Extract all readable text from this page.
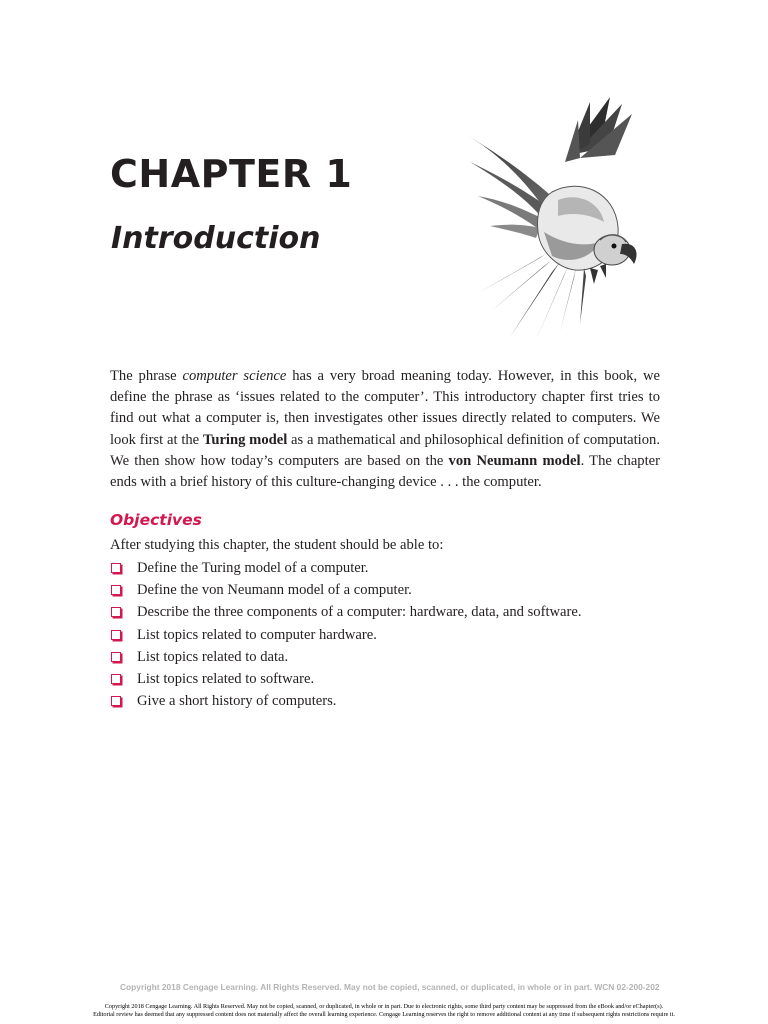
CHAPTER 1
Introduction

The phrase computer science has a very broad meaning today. However, in this book, we define the phrase as ‘issues related to the computer’. This introductory chapter first tries to find out what a computer is, then investigates other issues directly related to computers. We look first at the Turing model as a mathematical and philosophical definition of computation. We then show how today’s computers are based on the von Neumann model. The chapter ends with a brief history of this culture-changing device . . . the computer.

Objectives

After studying this chapter, the student should be able to:

Define the Turing model of a computer.
Define the von Neumann model of a computer.
Describe the three components of a computer: hardware, data, and software.
List topics related to computer hardware.
List topics related to data.
List topics related to software.
Give a short history of computers.

Copyright 2018 Cengage Learning. All Rights Reserved. May not be copied, scanned, or duplicated, in whole or in part. WCN 02-200-202

Copyright 2018 Cengage Learning. All Rights Reserved. May not be copied, scanned, or duplicated, in whole or in part. Due to electronic rights, some third party content may be suppressed from the eBook and/or eChapter(s).
Editorial review has deemed that any suppressed content does not materially affect the overall learning experience. Cengage Learning reserves the right to remove additional content at any time if subsequent rights restrictions require it.
